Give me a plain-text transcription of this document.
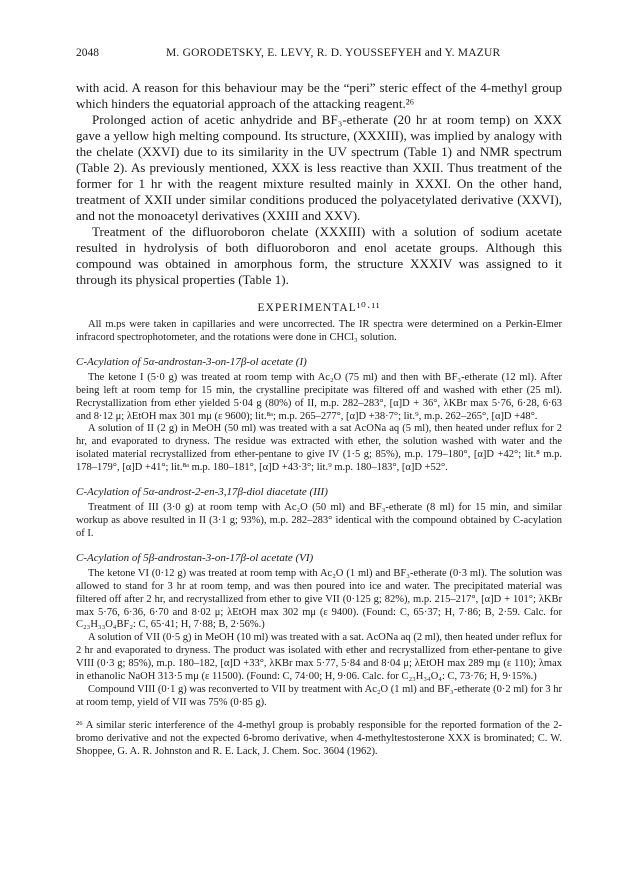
2048	M. GORODETSKY, E. LEVY, R. D. YOUSSEFYEH and Y. MAZUR

with acid. A reason for this behaviour may be the “peri” steric effect of the 4-methyl group which hinders the equatorial approach of the attacking reagent.²⁶

Prolonged action of acetic anhydride and BF₃-etherate (20 hr at room temp) on XXX gave a yellow high melting compound. Its structure, (XXXIII), was implied by analogy with the chelate (XXVI) due to its similarity in the UV spectrum (Table 1) and NMR spectrum (Table 2). As previously mentioned, XXX is less reactive than XXII. Thus treatment of the former for 1 hr with the reagent mixture resulted mainly in XXXI. On the other hand, treatment of XXII under similar conditions produced the polyacetylated derivative (XXVI), and not the monoacetyl derivatives (XXIII and XXV).

Treatment of the difluoroboron chelate (XXXIII) with a solution of sodium acetate resulted in hydrolysis of both difluoroboron and enol acetate groups. Although this compound was obtained in amorphous form, the structure XXXIV was assigned to it through its physical properties (Table 1).

EXPERIMENTAL¹⁰·¹¹

All m.ps were taken in capillaries and were uncorrected. The IR spectra were determined on a Perkin-Elmer infracord spectrophotometer, and the rotations were done in CHCl₃ solution.

C-Acylation of 5α-androstan-3-on-17β-ol acetate (I)

The ketone I (5·0 g) was treated at room temp with Ac₂O (75 ml) and then with BF₃-etherate (12 ml). After being left at room temp for 15 min, the crystalline precipitate was filtered off and washed with ether (25 ml). Recrystallization from ether yielded 5·04 g (80%) of II, m.p. 282–283°, [α]D + 36°, λKBr max 5·76, 6·28, 6·63 and 8·12 μ; λEtOH max 301 mμ (ε 9600); lit.⁸ᵃ; m.p. 265–277°, [α]D +38·7°; lit.⁹, m.p. 262–265°, [α]D +48°.

A solution of II (2 g) in MeOH (50 ml) was treated with a sat AcONa aq (5 ml), then heated under reflux for 2 hr, and evaporated to dryness. The residue was extracted with ether, the solution washed with water and the isolated material recrystallized from ether-pentane to give IV (1·5 g; 85%), m.p. 179–180°, [α]D +42°; lit.⁸ m.p. 178–179°, [α]D +41°; lit.⁸ᵃ m.p. 180–181°, [α]D +43·3°; lit.⁹ m.p. 180–183°, [α]D +52°.

C-Acylation of 5α-androst-2-en-3,17β-diol diacetate (III)

Treatment of III (3·0 g) at room temp with Ac₂O (50 ml) and BF₃-etherate (8 ml) for 15 min, and similar workup as above resulted in II (3·1 g; 93%), m.p. 282–283° identical with the compound obtained by C-acylation of I.

C-Acylation of 5β-androstan-3-on-17β-ol acetate (VI)

The ketone VI (0·12 g) was treated at room temp with Ac₂O (1 ml) and BF₃-etherate (0·3 ml). The solution was allowed to stand for 3 hr at room temp, and was then poured into ice and water. The precipitated material was filtered off after 2 hr, and recrystallized from ether to give VII (0·125 g; 82%), m.p. 215–217°, [α]D + 101°; λKBr max 5·76, 6·36, 6·70 and 8·02 μ; λEtOH max 302 mμ (ε 9400). (Found: C, 65·37; H, 7·86; B, 2·59. Calc. for C₂₃H₃₃O₄BF₂: C, 65·41; H, 7·88; B, 2·56%.)

A solution of VII (0·5 g) in MeOH (10 ml) was treated with a sat. AcONa aq (2 ml), then heated under reflux for 2 hr and evaporated to dryness. The product was isolated with ether and recrystallized from ether-pentane to give VIII (0·3 g; 85%), m.p. 180–182, [α]D +33°, λKBr max 5·77, 5·84 and 8·04 μ; λEtOH max 289 mμ (ε 110); λmax in ethanolic NaOH 313·5 mμ (ε 11500). (Found: C, 74·00; H, 9·06. Calc. for C₂₃H₃₄O₄: C, 73·76; H, 9·15%.)

Compound VIII (0·1 g) was reconverted to VII by treatment with Ac₂O (1 ml) and BF₃-etherate (0·2 ml) for 3 hr at room temp, yield of VII was 75% (0·85 g).

²⁶ A similar steric interference of the 4-methyl group is probably responsible for the reported formation of the 2-bromo derivative and not the expected 6-bromo derivative, when 4-methyltestosterone XXX is brominated; C. W. Shoppee, G. A. R. Johnston and R. E. Lack, J. Chem. Soc. 3604 (1962).
